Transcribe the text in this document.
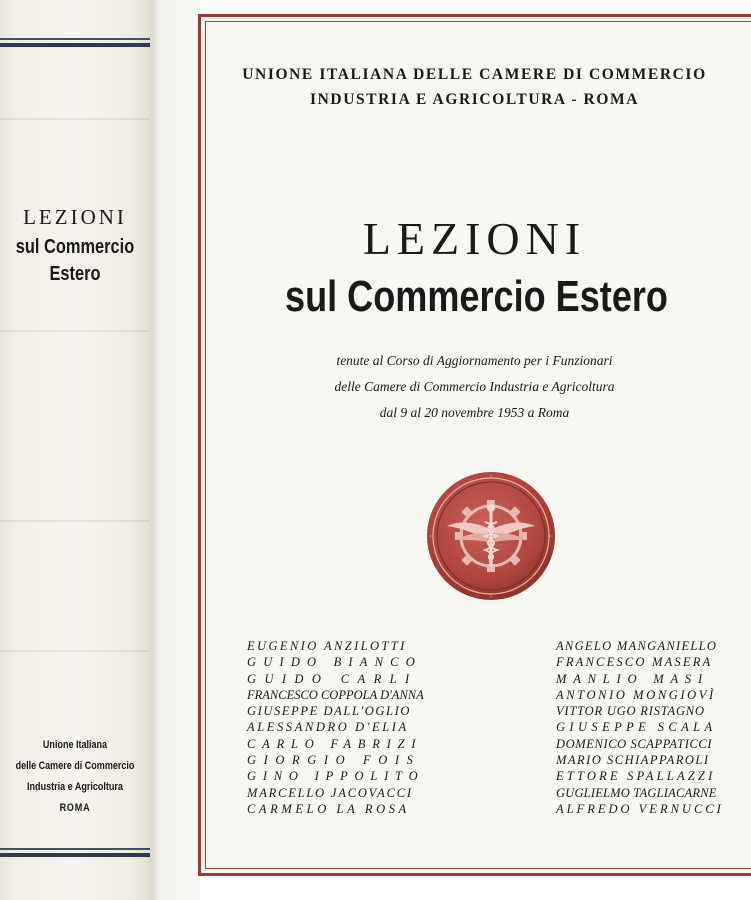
LEZIONI
sul Commercio
Estero
Unione Italiana
delle Camere di Commercio
Industria e Agricoltura
ROMA
UNIONE ITALIANA DELLE CAMERE DI COMMERCIO
INDUSTRIA E AGRICOLTURA - ROMA
LEZIONI
sul Commercio Estero
tenute al Corso di Aggiornamento per i Funzionari
delle Camere di Commercio Industria e Agricoltura
dal 9 al 20 novembre 1953 a Roma
EUGENIO ANZILOTTI
GUIDO BIANCO
GUIDO CARLI
FRANCESCO COPPOLA D'ANNA
GIUSEPPE DALL'OGLIO
ALESSANDRO D'ELIA
CARLO FABRIZI
GIORGIO FOIS
GINO IPPOLITO
MARCELLO JACOVACCI
CARMELO LA ROSA
ANGELO MANGANIELLO
FRANCESCO MASERA
MANLIO MASI
ANTONIO MONGIOVÌ
VITTOR UGO RISTAGNO
GIUSEPPE SCALA
DOMENICO SCAPPATICCI
MARIO SCHIAPPAROLI
ETTORE SPALLAZZI
GUGLIELMO TAGLIACARNE
ALFREDO VERNUCCI
